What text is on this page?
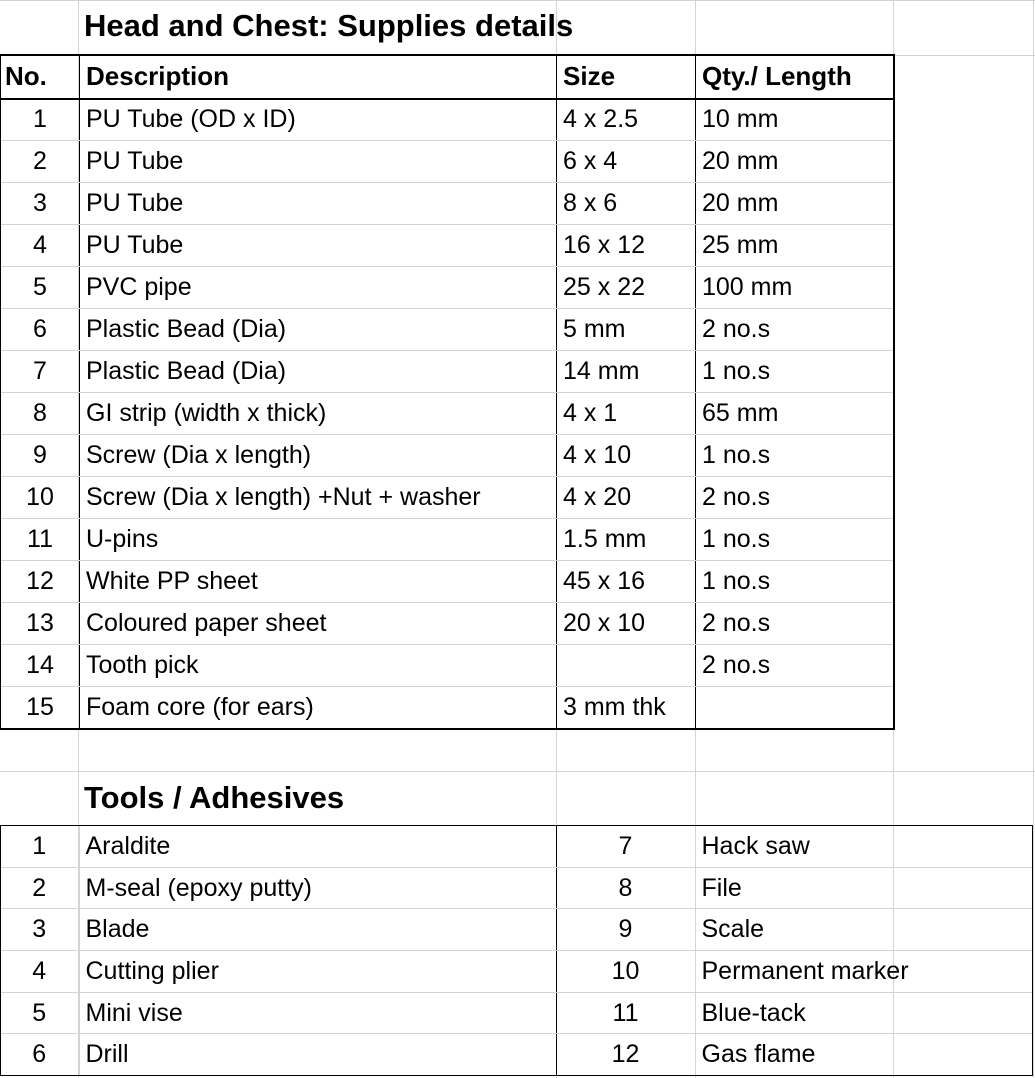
Head and Chest: Supplies details
No.	Description	Size	Qty./ Length
1	PU Tube (OD x ID)	4 x 2.5	10 mm
2	PU Tube	6 x 4	20 mm
3	PU Tube	8 x 6	20 mm
4	PU Tube	16 x 12	25 mm
5	PVC pipe	25 x 22	100 mm
6	Plastic Bead (Dia)	5 mm	2 no.s
7	Plastic Bead (Dia)	14 mm	1 no.s
8	GI strip (width x thick)	4 x 1	65 mm
9	Screw (Dia x length)	4 x 10	1 no.s
10	Screw (Dia x length) +Nut + washer	4 x 20	2 no.s
11	U-pins	1.5 mm	1 no.s
12	White PP sheet	45 x 16	1 no.s
13	Coloured paper sheet	20 x 10	2 no.s
14	Tooth pick		2 no.s
15	Foam core (for ears)	3 mm thk	
Tools / Adhesives
1	Araldite	7	Hack saw
2	M-seal (epoxy putty)	8	File
3	Blade	9	Scale
4	Cutting plier	10	Permanent marker
5	Mini vise	11	Blue-tack
6	Drill	12	Gas flame
